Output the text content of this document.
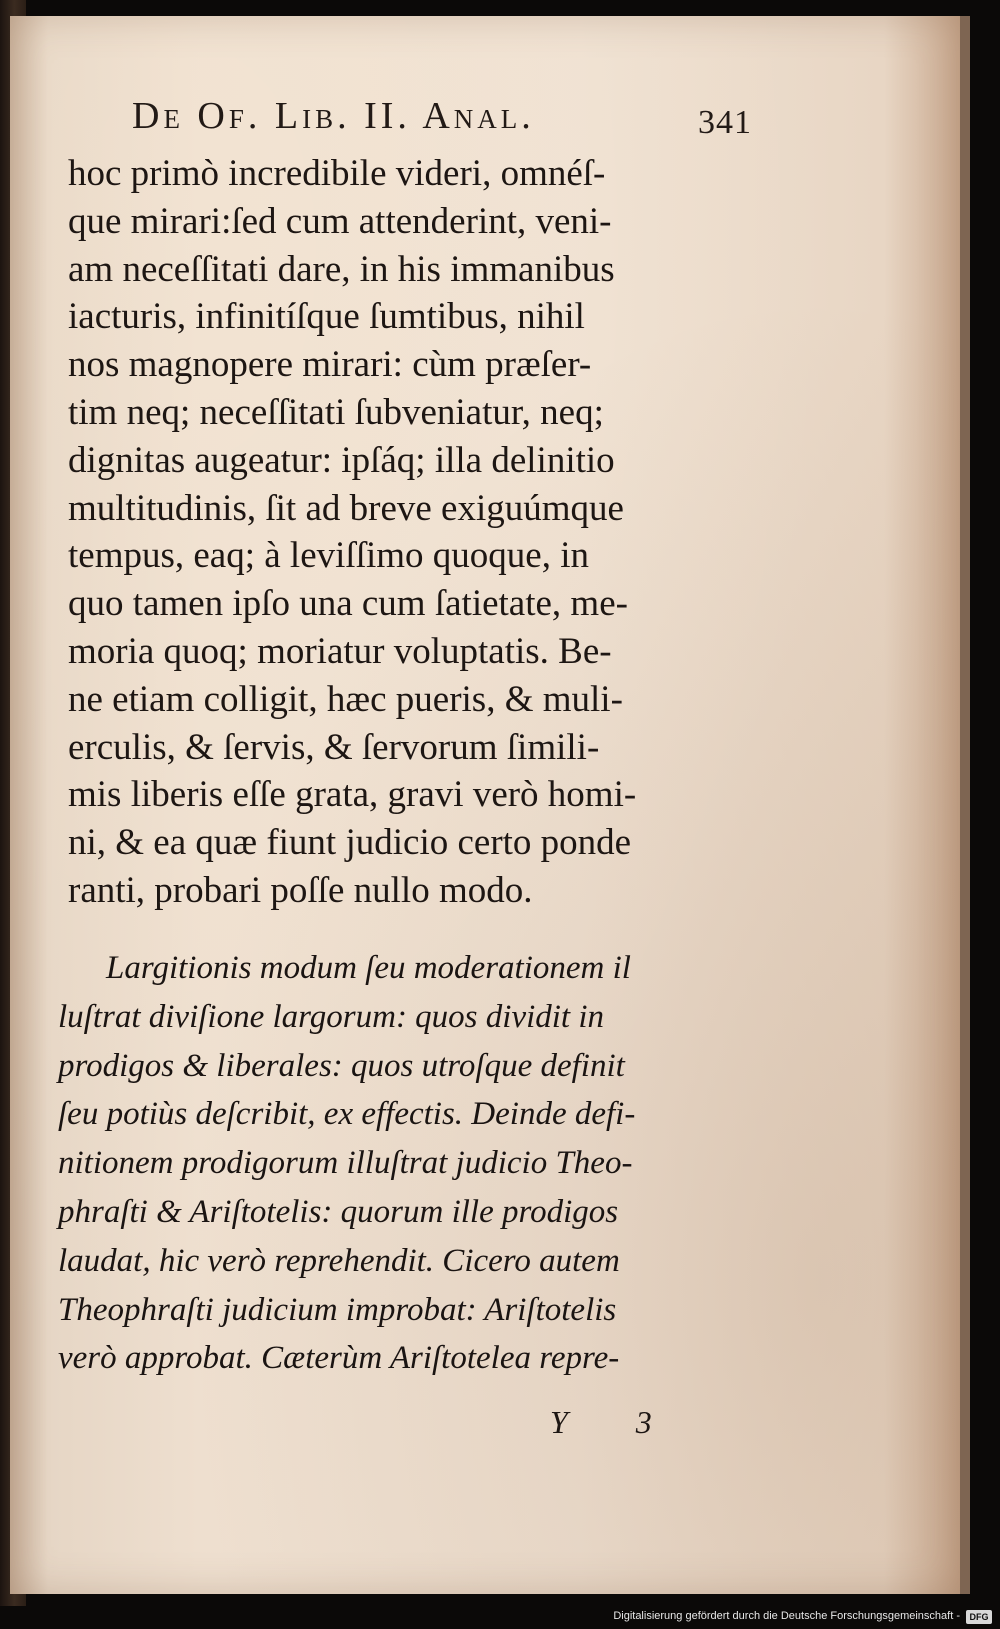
De Of. Lib. II. Anal.	341
hoc primò incredibile videri, omnéſ-
que mirari:ſed cum attenderint, veni-
am neceſſitati dare, in his immanibus
iacturis, infinitíſque ſumtibus, nihil
nos magnopere mirari: cùm præſer-
tim neq; neceſſitati ſubveniatur, neq;
dignitas augeatur: ipſáq; illa delinitio
multitudinis, ſit ad breve exiguúmque
tempus, eaq; à leviſſimo quoque, in
quo tamen ipſo una cum ſatietate, me-
moria quoq; moriatur voluptatis. Be-
ne etiam colligit, hæc pueris, & muli-
erculis, & ſervis, & ſervorum ſimili-
mis liberis eſſe grata, gravi verò homi-
ni, & ea quæ fiunt judicio certo ponde
ranti, probari poſſe nullo modo.
Largitionis modum ſeu moderationem il
luſtrat diviſione largorum: quos dividit in
prodigos & liberales: quos utroſque definit
ſeu potiùs deſcribit, ex effectis. Deinde defi-
nitionem prodigorum illuſtrat judicio Theo-
phraſti & Ariſtotelis: quorum ille prodigos
laudat, hic verò reprehendit. Cicero autem
Theophraſti judicium improbat: Ariſtotelis
verò approbat. Cæterùm Ariſtotelea repre-
Y 3
Digitalisierung gefördert durch die Deutsche Forschungsgemeinschaft -	DFG
